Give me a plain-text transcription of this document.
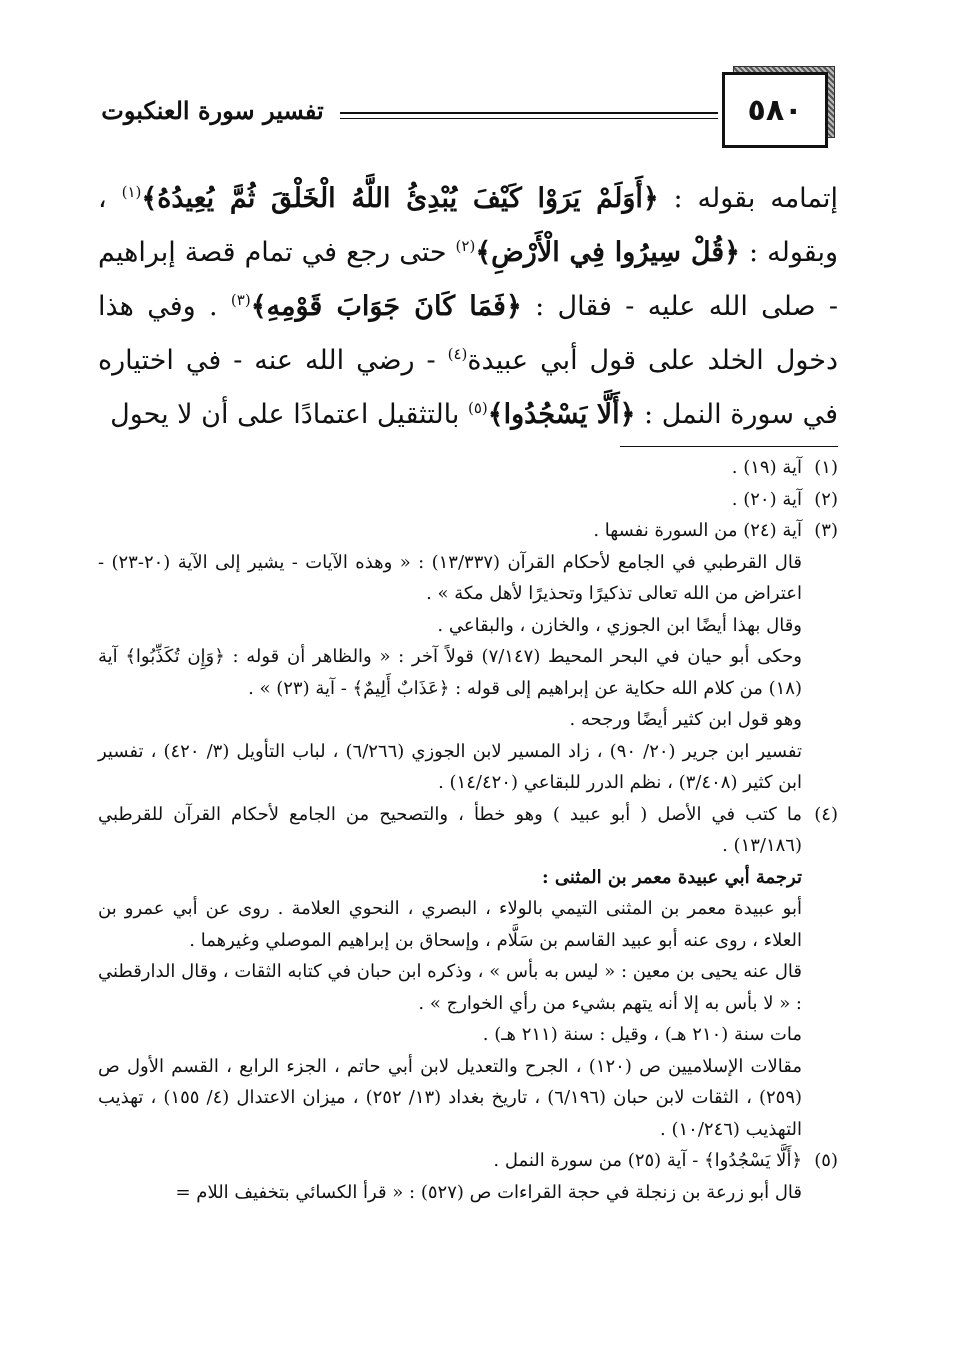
٥٨٠
تفسير سورة العنكبوت

إتمامه بقوله : ﴿أَوَلَمْ يَرَوْا كَيْفَ يُبْدِئُ اللَّهُ الْخَلْقَ ثُمَّ يُعِيدُهُ﴾$^{(١)}$ ، وبقوله : ﴿قُلْ سِيرُوا فِي الْأَرْضِ﴾$^{(٢)}$ حتى رجع في تمام قصة إبراهيم - صلى الله عليه - فقال : ﴿فَمَا كَانَ جَوَابَ قَوْمِهِ﴾$^{(٣)}$ . وفي هذا دخول الخلد على قول أبي عبيدة$^{(٤)}$ - رضي الله عنه - في اختياره في سورة النمل : ﴿أَلَّا يَسْجُدُوا﴾$^{(٥)}$ بالتثقيل اعتمادًا على أن لا يحول

(١)
آية (١٩) .
(٢)
آية (٢٠) .
(٣)
آية (٢٤) من السورة نفسها .

قال القرطبي في الجامع لأحكام القرآن (١٣/٣٣٧) : « وهذه الآيات - يشير إلى الآية (٢٠-٢٣) - اعتراض من الله تعالى تذكيرًا وتحذيرًا لأهل مكة » .

وقال بهذا أيضًا ابن الجوزي ، والخازن ، والبقاعي .

وحكى أبو حيان في البحر المحيط (٧/١٤٧) قولاً آخر : « والظاهر أن قوله : ﴿وَإِن تُكَذِّبُوا﴾ آية (١٨) من كلام الله حكاية عن إبراهيم إلى قوله : ﴿عَذَابٌ أَلِيمٌ﴾ - آية (٢٣) » .

وهو قول ابن كثير أيضًا ورجحه .

تفسير ابن جرير (٢٠/ ٩٠) ، زاد المسير لابن الجوزي (٦/٢٦٦) ، لباب التأويل (٣/ ٤٢٠) ، تفسير ابن كثير (٣/٤٠٨) ، نظم الدرر للبقاعي (١٤/٤٢٠) .

(٤)
ما كتب في الأصل ( أبو عبيد ) وهو خطأ ، والتصحيح من الجامع لأحكام القرآن للقرطبي (١٣/١٨٦) .

ترجمة أبي عبيدة معمر بن المثنى :

أبو عبيدة معمر بن المثنى التيمي بالولاء ، البصري ، النحوي العلامة . روى عن أبي عمرو بن العلاء ، روى عنه أبو عبيد القاسم بن سَلَّام ، وإسحاق بن إبراهيم الموصلي وغيرهما .

قال عنه يحيى بن معين : « ليس به بأس » ، وذكره ابن حبان في كتابه الثقات ، وقال الدارقطني : « لا بأس به إلا أنه يتهم بشيء من رأي الخوارج » .

مات سنة (٢١٠ هـ) ، وقيل : سنة (٢١١ هـ) .

مقالات الإسلاميين ص (١٢٠) ، الجرح والتعديل لابن أبي حاتم ، الجزء الرابع ، القسم الأول ص (٢٥٩) ، الثقات لابن حبان (٦/١٩٦) ، تاريخ بغداد (١٣/ ٢٥٢) ، ميزان الاعتدال (٤/ ١٥٥) ، تهذيب التهذيب (١٠/٢٤٦) .

(٥)
﴿أَلَّا يَسْجُدُوا﴾ - آية (٢٥) من سورة النمل .

قال أبو زرعة بن زنجلة في حجة القراءات ص (٥٢٧) : « قرأ الكسائي بتخفيف اللام =
